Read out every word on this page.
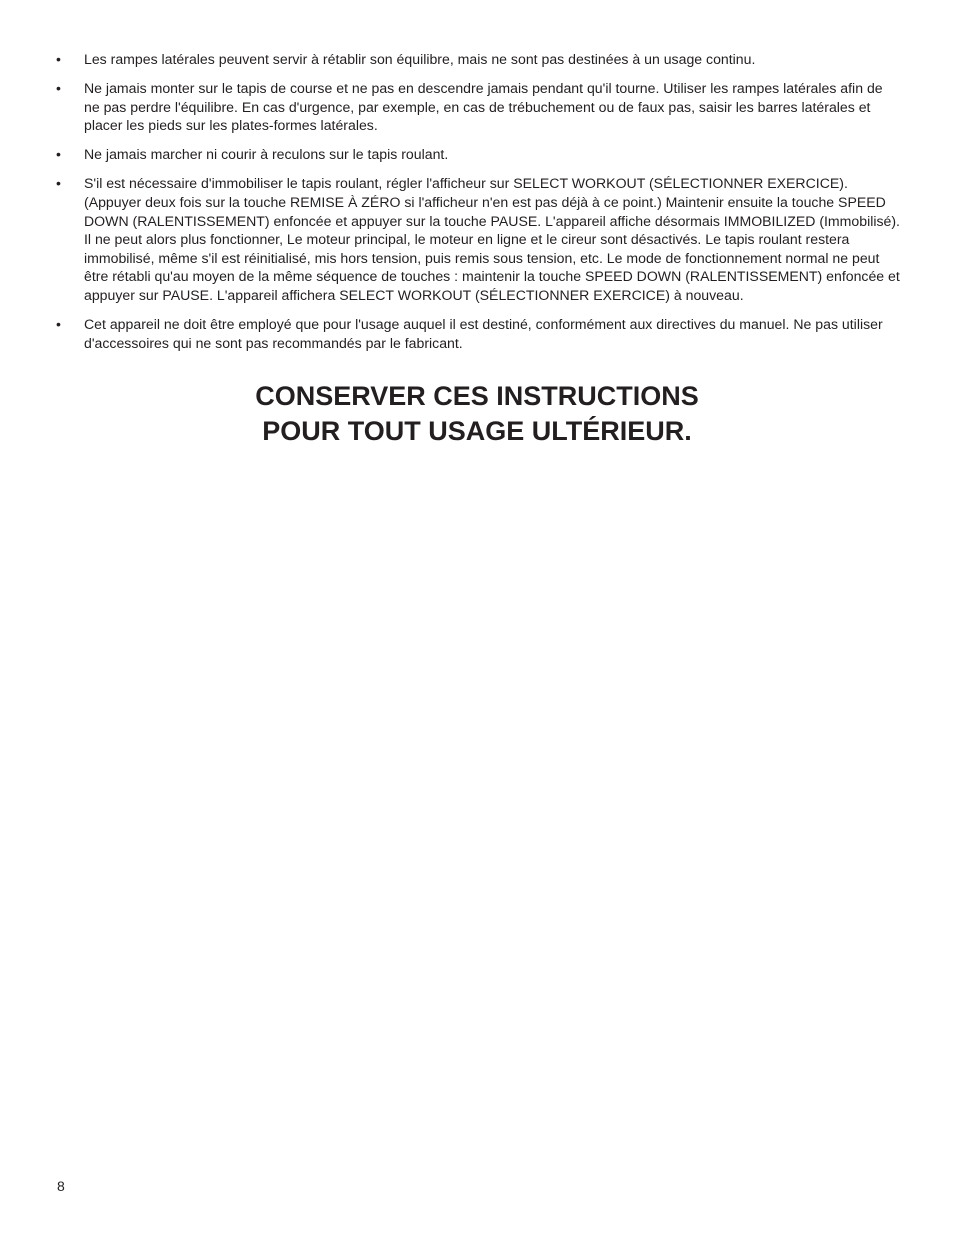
• Les rampes latérales peuvent servir à rétablir son équilibre, mais ne sont pas destinées à un usage continu.
• Ne jamais monter sur le tapis de course et ne pas en descendre jamais pendant qu'il tourne. Utiliser les rampes latérales afin de ne pas perdre l'équilibre. En cas d'urgence, par exemple, en cas de trébuchement ou de faux pas, saisir les barres latérales et placer les pieds sur les plates-formes latérales.
• Ne jamais marcher ni courir à reculons sur le tapis roulant.
• S'il est nécessaire d'immobiliser le tapis roulant, régler l'afficheur sur SELECT WORKOUT (SÉLECTIONNER EXERCICE). (Appuyer deux fois sur la touche REMISE À ZÉRO si l'afficheur n'en est pas déjà à ce point.) Maintenir ensuite la touche SPEED DOWN (RALENTISSEMENT) enfoncée et appuyer sur la touche PAUSE. L'appareil affiche désormais IMMOBILIZED (Immobilisé). Il ne peut alors plus fonctionner, Le moteur principal, le moteur en ligne et le cireur sont désactivés. Le tapis roulant restera immobilisé, même s'il est réinitialisé, mis hors tension, puis remis sous tension, etc. Le mode de fonctionnement normal ne peut être rétabli qu'au moyen de la même séquence de touches : maintenir la touche SPEED DOWN (RALENTISSEMENT) enfoncée et appuyer sur PAUSE. L'appareil affichera SELECT WORKOUT (SÉLECTIONNER EXERCICE) à nouveau.
• Cet appareil ne doit être employé que pour l'usage auquel il est destiné, conformément aux directives du manuel. Ne pas utiliser d'accessoires qui ne sont pas recommandés par le fabricant.
CONSERVER CES INSTRUCTIONS
POUR TOUT USAGE ULTÉRIEUR.
8
